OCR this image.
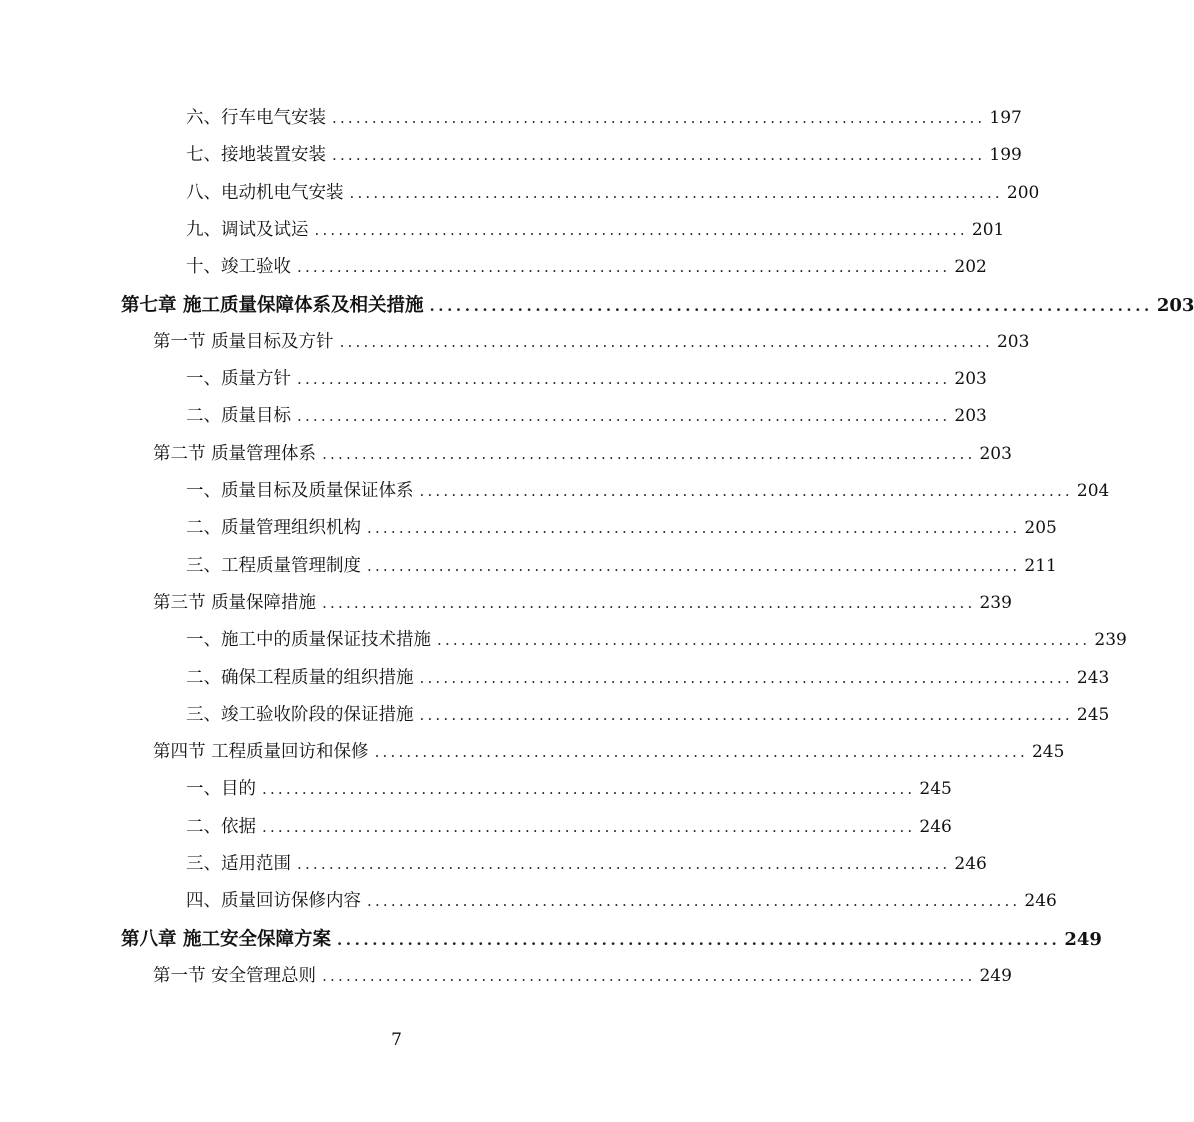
六、行车电气安装 .................................................................................. 197
七、接地装置安装 .................................................................................. 199
八、电动机电气安装 .................................................................................. 200
九、调试及试运 .................................................................................. 201
十、竣工验收 .................................................................................. 202
第七章 施工质量保障体系及相关措施 .................................................................................. 203
第一节 质量目标及方针 .................................................................................. 203
一、质量方针 .................................................................................. 203
二、质量目标 .................................................................................. 203
第二节 质量管理体系 .................................................................................. 203
一、质量目标及质量保证体系 .................................................................................. 204
二、质量管理组织机构 .................................................................................. 205
三、工程质量管理制度 .................................................................................. 211
第三节 质量保障措施 .................................................................................. 239
一、施工中的质量保证技术措施 .................................................................................. 239
二、确保工程质量的组织措施 .................................................................................. 243
三、竣工验收阶段的保证措施 .................................................................................. 245
第四节 工程质量回访和保修 .................................................................................. 245
一、目的 .................................................................................. 245
二、依据 .................................................................................. 246
三、适用范围 .................................................................................. 246
四、质量回访保修内容 .................................................................................. 246
第八章 施工安全保障方案 .................................................................................. 249
第一节 安全管理总则 .................................................................................. 249
7
